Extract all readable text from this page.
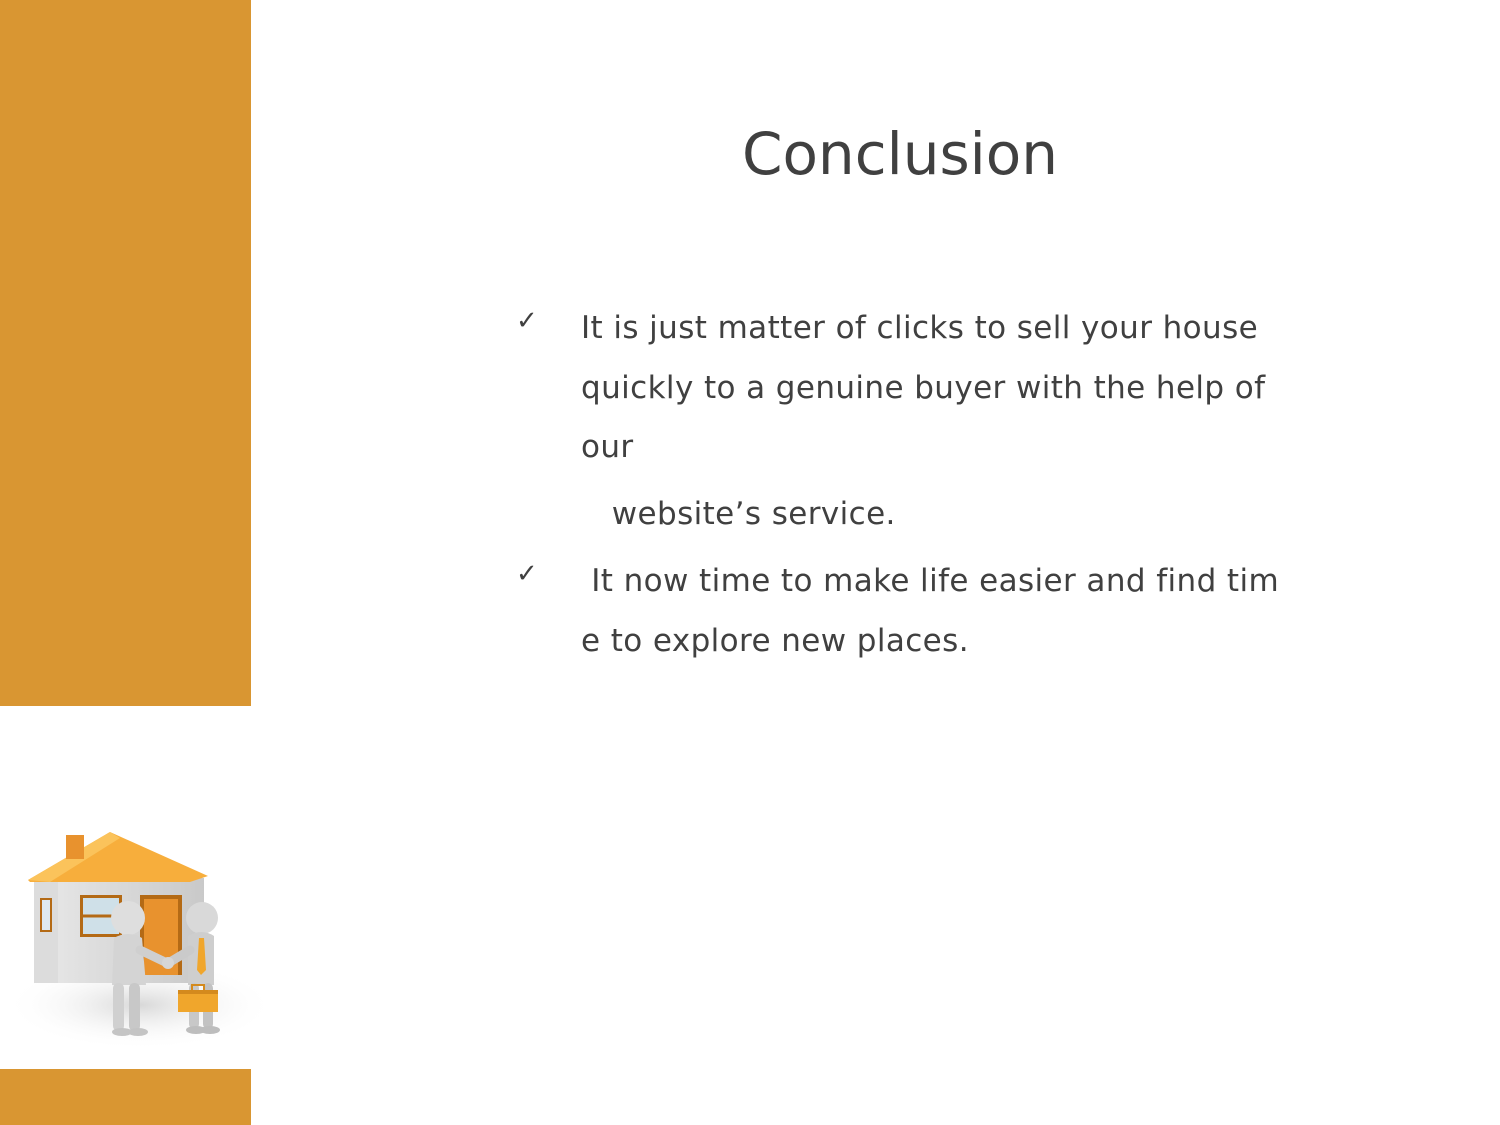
Conclusion
✓ It is just matter of clicks to sell your house
quickly to a genuine buyer with the help of
our
website’s service.
✓ It now time to make life easier and find tim
e to explore new places.
